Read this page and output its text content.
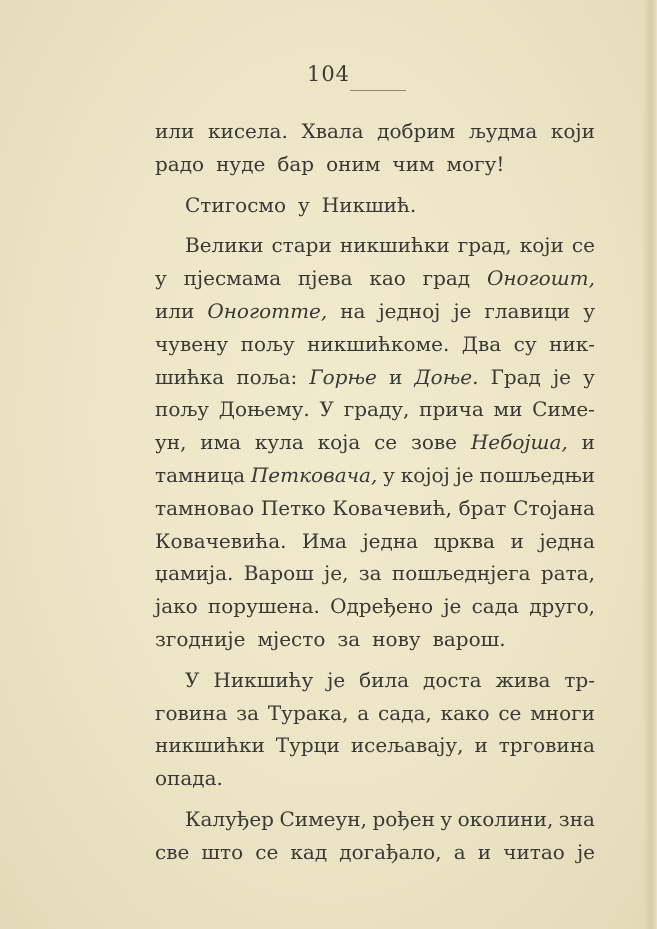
104
или кисела. Хвала добрим људма који
радо нуде бар оним чим могу!
Стигосмо у Никшић.
Велики стари никшићки град, који се
у пјесмама пјева као град Оногошт,
или Оноготте, на једној је главици у
чувену пољу никшићкоме. Два су ник-
шићка поља: Горње и Доње. Град је у
пољу Доњему. У граду, прича ми Симе-
ун, има кула која се зове Небојша, и
тамница Петковача, у којој је пошљедњи
тамновао Петко Ковачевић, брат Стојана
Ковачевића. Има једна црква и једна
џамија. Варош је, за пошљеднјега рата,
јако порушена. Одређено је сада друго,
згодније мјесто за нову варош.
У Никшићу је била доста жива тр-
говина за Турака, а сада, како се многи
никшићки Турци исељавају, и трговина
опада.
Калуђер Симеун, рођен у околини, зна
све што се кад догађало, а и читао је
